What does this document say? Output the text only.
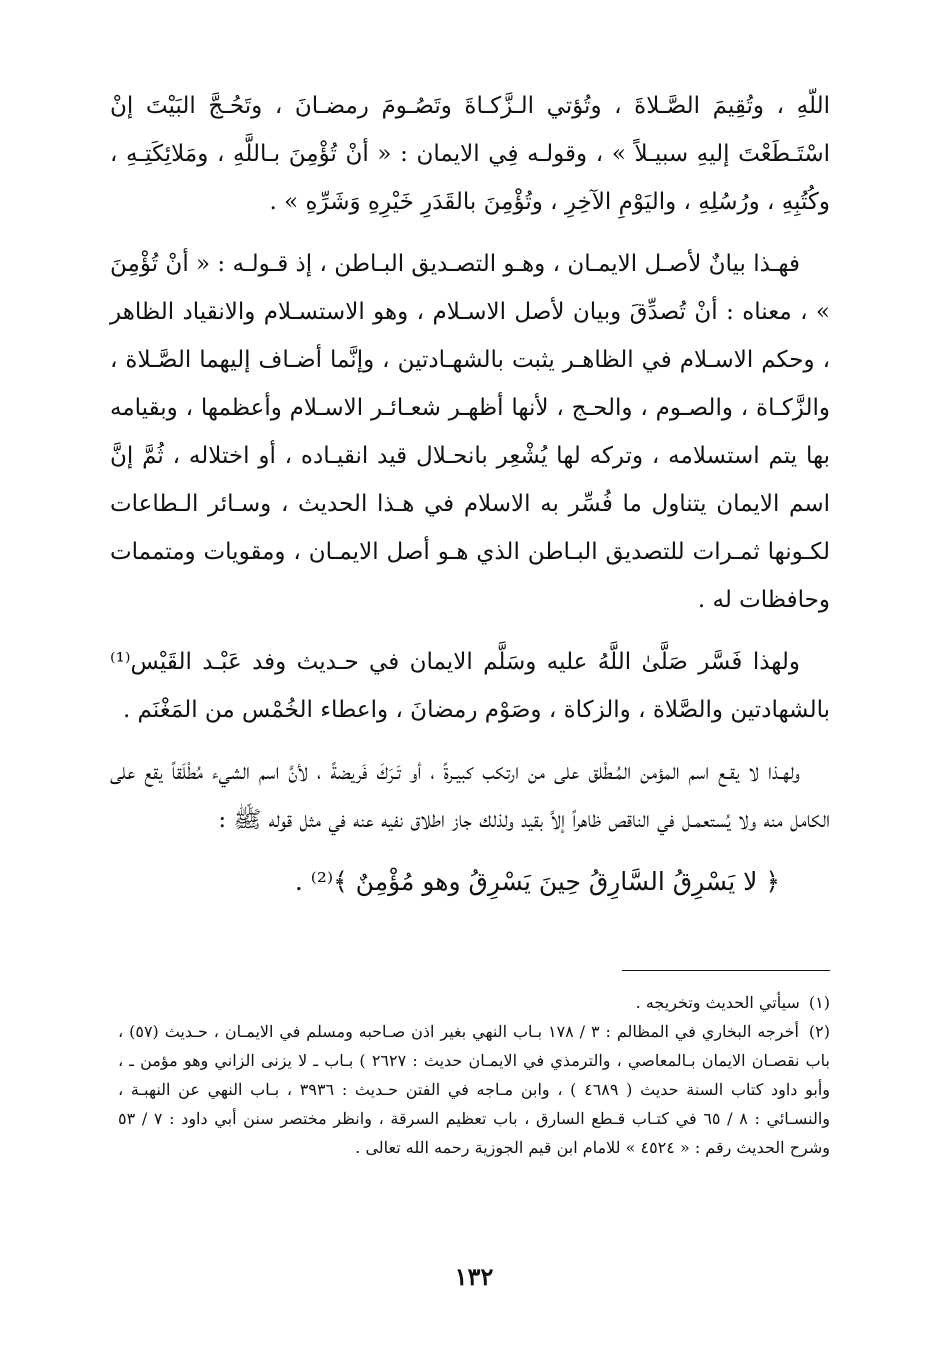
اللّهِ ، وتُقِيمَ الصَّـلاةَ ، وتُؤتي الـزَّكـاةَ وتَصُـومَ رمضـانَ ، وتَحُـجَّ البَيْتَ إنْ اسْتَـطَعْتَ إليهِ سبيـلاً » ، وقولـه فِي الايمان : « أنْ تُؤْمِنَ بـاللَّهِ ، ومَلائِكَتِـهِ ، وكُتُبِهِ ، ورُسُلِهِ ، واليَوْمِ الآخِرِ ، وتُؤْمِنَ بالقَدَرِ خَيْرِهِ وَشَرِّهِ » .

فهـذا بيانٌ لأصـل الايمـان ، وهـو التصـديق البـاطن ، إذ قـولـه : « أنْ تُؤْمِنَ » ، معناه : أنْ تُصدِّقَ وبيان لأصل الاسـلام ، وهو الاستسـلام والانقياد الظاهر ، وحكم الاسـلام في الظاهـر يثبت بالشهـادتين ، وإنَّما أضـاف إليهما الصَّـلاة ، والزَّكـاة ، والصـوم ، والحـج ، لأنها أظهـر شعـائـر الاسـلام وأعظمها ، وبقيامه بها يتم استسلامه ، وتركه لها يُشْعِر بانحـلال قيد انقيـاده ، أو اختلاله ، ثُمَّ إنَّ اسم الايمان يتناول ما فُسِّر به الاسلام في هـذا الحديث ، وسـائر الـطاعات لكـونها ثمـرات للتصديق البـاطن الذي هـو أصل الايمـان ، ومقويات ومتممات وحافظات له .

ولهذا فَسَّر صَلَّىٰ اللَّهُ عليه وسَلَّم الايمان في حـديث وفد عَبْـد القَيْس⁽¹⁾ بالشهادتين والصَّلاة ، والزكاة ، وصَوْم رمضانَ ، واعطاء الخُمْس من المَغْنَم .

ولهـذا لا يقـع اسم المؤمن المُـطْلق على من ارتكب كبيـرةً ، أو تَـرَكَ فَريضةً ، لأنَّ اسم الشيء مُطْلَقاً يقع على الكامل منه ولا يُستعمـل في الناقص ظاهراً إلاَّ بقيد ولذلك جاز اطلاق نفيه عنه في مثل قوله ﷺ :

﴿ لا يَسْرِقُ السَّارِقُ حِينَ يَسْرِقُ وهو مُؤْمِنٌ ﴾⁽²⁾ .

(١) سيأتي الحديث وتخريجه .

(٢) أخرجه البخاري في المظالم : ٣ / ١٧٨ بـاب النهي بغير اذن صـاحبه ومسلم في الايمـان ، حـديث (٥٧) ، باب نقصـان الايمان بـالمعاصي ، والترمذي في الايمـان حديث : ٢٦٢٧ ) بـاب ـ لا يزنى الزاني وهو مؤمن ـ ، وأبو داود كتاب السنة حديث ( ٤٦٨٩ ) ، وابن مـاجه في الفتن حـديث : ٣٩٣٦ ، بـاب النهي عن النهبـة ، والنسـائي : ٨ / ٦٥ في كتـاب قـطع السارق ، باب تعظيم السرقة ، وانظر مختصر سنن أبي داود : ٧ / ٥٣ وشرح الحديث رقم : « ٤٥٢٤ » للامام ابن قيم الجوزية رحمه الله تعالى .

١٣٢
